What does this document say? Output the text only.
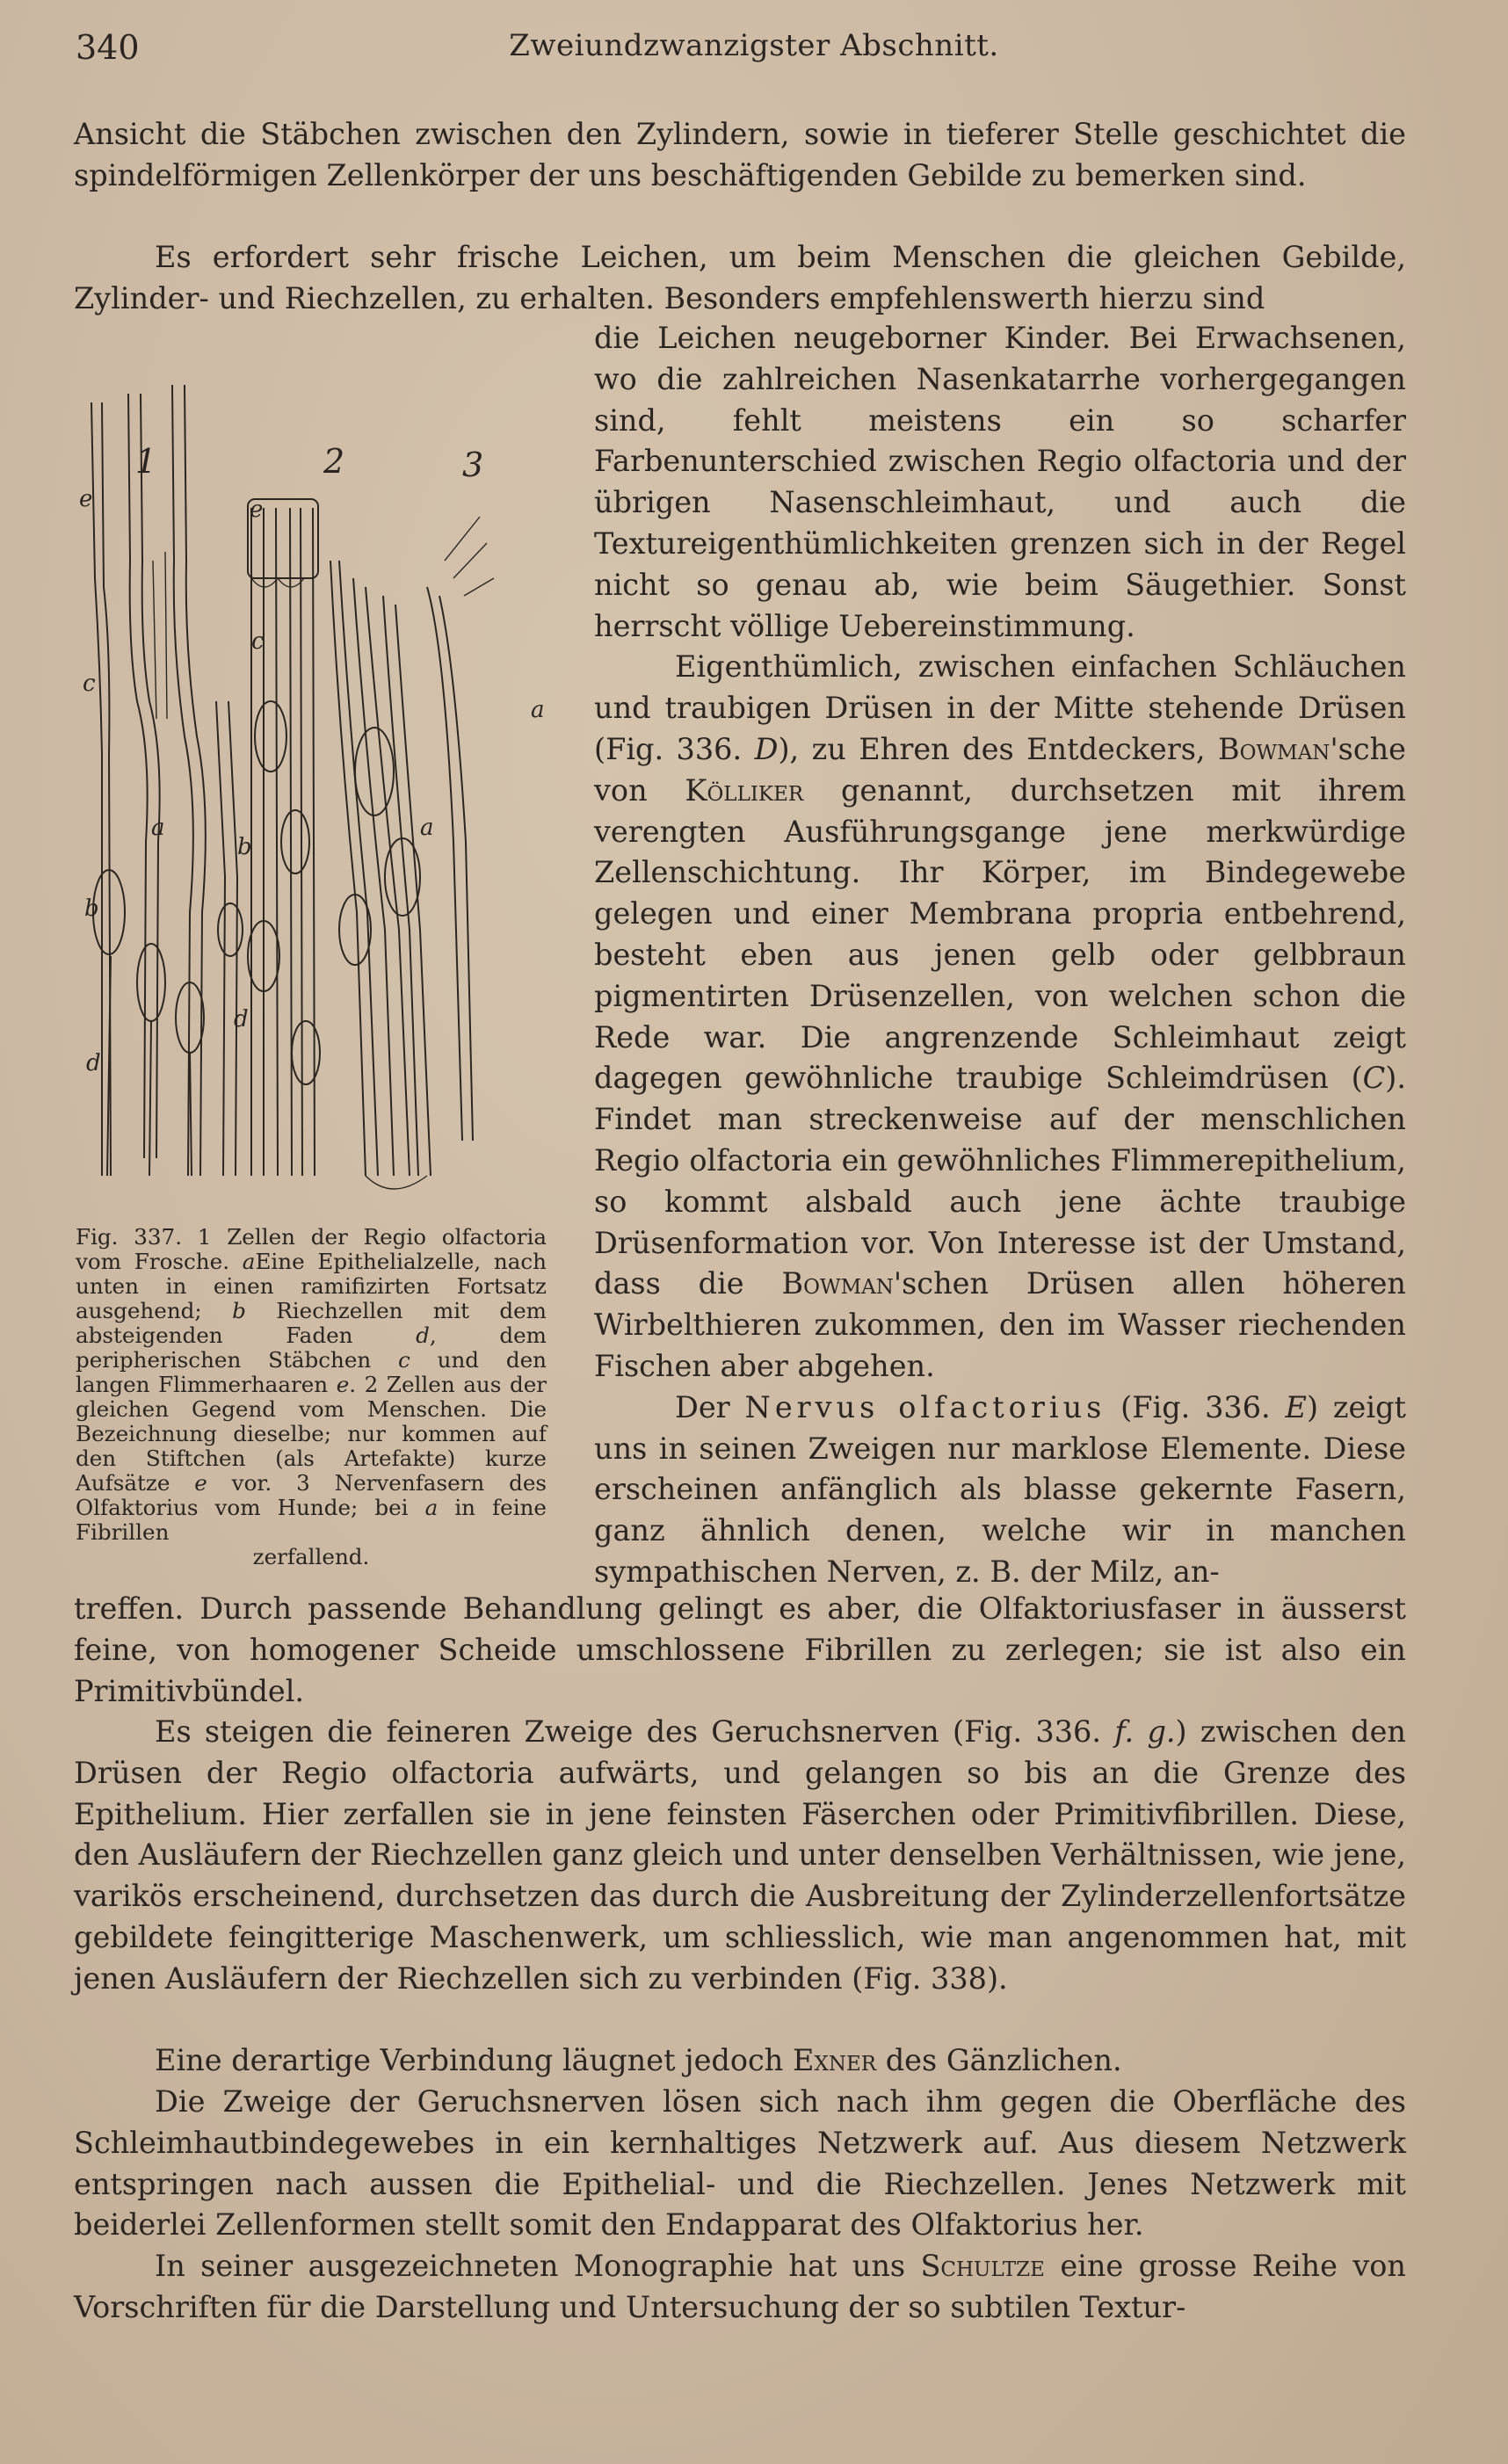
340	Zweiundzwanzigster Abschnitt.

Ansicht die Stäbchen zwischen den Zylindern, sowie in tieferer Stelle geschichtet die spindelförmigen Zellenkörper der uns beschäftigenden Gebilde zu bemerken sind.

Es erfordert sehr frische Leichen, um beim Menschen die gleichen Gebilde, Zylinder- und Riechzellen, zu erhalten. Besonders empfehlenswerth hierzu sind

1	2	3
e	e
c
c
a	a
a
b
b
d
d

Fig. 337. 1 Zellen der Regio olfactoria vom Frosche. aEine Epithelialzelle, nach unten in einen ramifizirten Fortsatz ausgehend; b Riechzellen mit dem absteigenden Faden	d, dem peripherischen Stäbchen c und den langen Flimmerhaaren e. 2 Zellen aus der gleichen Gegend vom Menschen. Die Bezeichnung dieselbe; nur kommen auf den Stiftchen (als Artefakte) kurze Aufsätze e vor. 3 Nervenfasern des Olfaktorius vom Hunde; bei a in feine Fibrillen
zerfallend.

die Leichen neugeborner Kinder. Bei Erwachsenen, wo die zahlreichen Nasenkatarrhe vorhergegangen sind, fehlt meistens ein so scharfer Farbenunterschied zwischen Regio olfactoria und der übrigen Nasenschleimhaut, und auch die Textureigenthümlichkeiten grenzen sich in der Regel nicht so genau ab, wie beim Säugethier. Sonst herrscht völlige Uebereinstimmung.

Eigenthümlich, zwischen einfachen Schläuchen und traubigen Drüsen in der Mitte stehende Drüsen (Fig. 336. D), zu Ehren des Entdeckers, Bowman'sche von Kölliker genannt, durchsetzen mit ihrem verengten Ausführungsgange jene merkwürdige Zellenschichtung. Ihr Körper, im Bindegewebe gelegen und einer Membrana propria entbehrend, besteht eben aus jenen gelb oder gelbbraun pigmentirten Drüsenzellen, von welchen schon die Rede war. Die angrenzende Schleimhaut zeigt dagegen gewöhnliche traubige Schleimdrüsen (C). Findet man streckenweise auf der menschlichen Regio olfactoria ein gewöhnliches Flimmerepithelium, so kommt alsbald auch jene ächte traubige Drüsenformation vor. Von Interesse ist der Umstand, dass die Bowman'schen Drüsen allen höheren Wirbelthieren zukommen, den im Wasser riechenden Fischen aber abgehen.

Der Nervus olfactorius (Fig. 336. E) zeigt uns in seinen Zweigen nur marklose Elemente. Diese erscheinen anfänglich als blasse gekernte Fasern, ganz ähnlich denen, welche wir in manchen sympathischen Nerven, z. B. der Milz, an-

treffen. Durch passende Behandlung gelingt es aber, die Olfaktoriusfaser in äusserst feine, von homogener Scheide umschlossene Fibrillen zu zerlegen; sie ist also ein Primitivbündel.

Es steigen die feineren Zweige des Geruchsnerven (Fig. 336. f. g.) zwischen den Drüsen der Regio olfactoria aufwärts, und gelangen so bis an die Grenze des Epithelium. Hier zerfallen sie in jene feinsten Fäserchen oder Primitivfibrillen. Diese, den Ausläufern der Riechzellen ganz gleich und unter denselben Verhältnissen, wie jene, varikös erscheinend, durchsetzen das durch die Ausbreitung der Zylinderzellenfortsätze gebildete feingitterige Maschenwerk, um schliesslich, wie man angenommen hat, mit jenen Ausläufern der Riechzellen sich zu verbinden (Fig. 338).

Eine derartige Verbindung läugnet jedoch Exner des Gänzlichen.

Die Zweige der Geruchsnerven lösen sich nach ihm gegen die Oberfläche des Schleimhautbindegewebes in ein kernhaltiges Netzwerk auf. Aus diesem Netzwerk entspringen nach aussen die Epithelial- und die Riechzellen. Jenes Netzwerk mit beiderlei Zellenformen stellt somit den Endapparat des Olfaktorius her.

In seiner ausgezeichneten Monographie hat uns Schultze eine grosse Reihe von Vorschriften für die Darstellung und Untersuchung der so subtilen Textur-
